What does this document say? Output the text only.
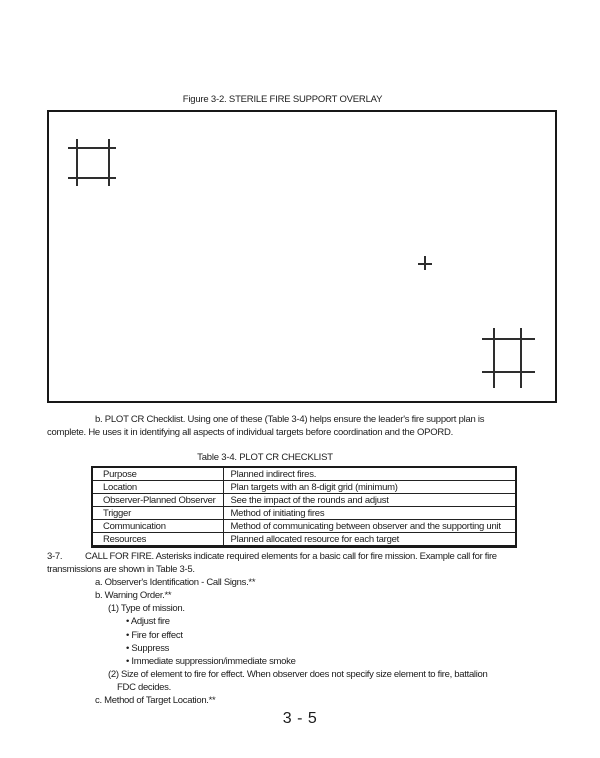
Figure 3-2. STERILE FIRE SUPPORT OVERLAY
b. PLOT CR Checklist. Using one of these (Table 3-4) helps ensure the leader's fire support plan is
complete. He uses it in identifying all aspects of individual targets before coordination and the OPORD.
Table 3-4. PLOT CR CHECKLIST
Purpose	Planned indirect fires.
Location	Plan targets with an 8-digit grid (minimum)
Observer-Planned Observer	See the impact of the rounds and adjust
Trigger	Method of initiating fires
Communication	Method of communicating between observer and the supporting unit
Resources	Planned allocated resource for each target
3-7. CALL FOR FIRE. Asterisks indicate required elements for a basic call for fire mission. Example call for fire
transmissions are shown in Table 3-5.
a. Observer's Identification - Call Signs.**
b. Warning Order.**
(1) Type of mission.
• Adjust fire
• Fire for effect
• Suppress
• Immediate suppression/immediate smoke
(2) Size of element to fire for effect. When observer does not specify size element to fire, battalion
FDC decides.
c. Method of Target Location.**
3 - 5
